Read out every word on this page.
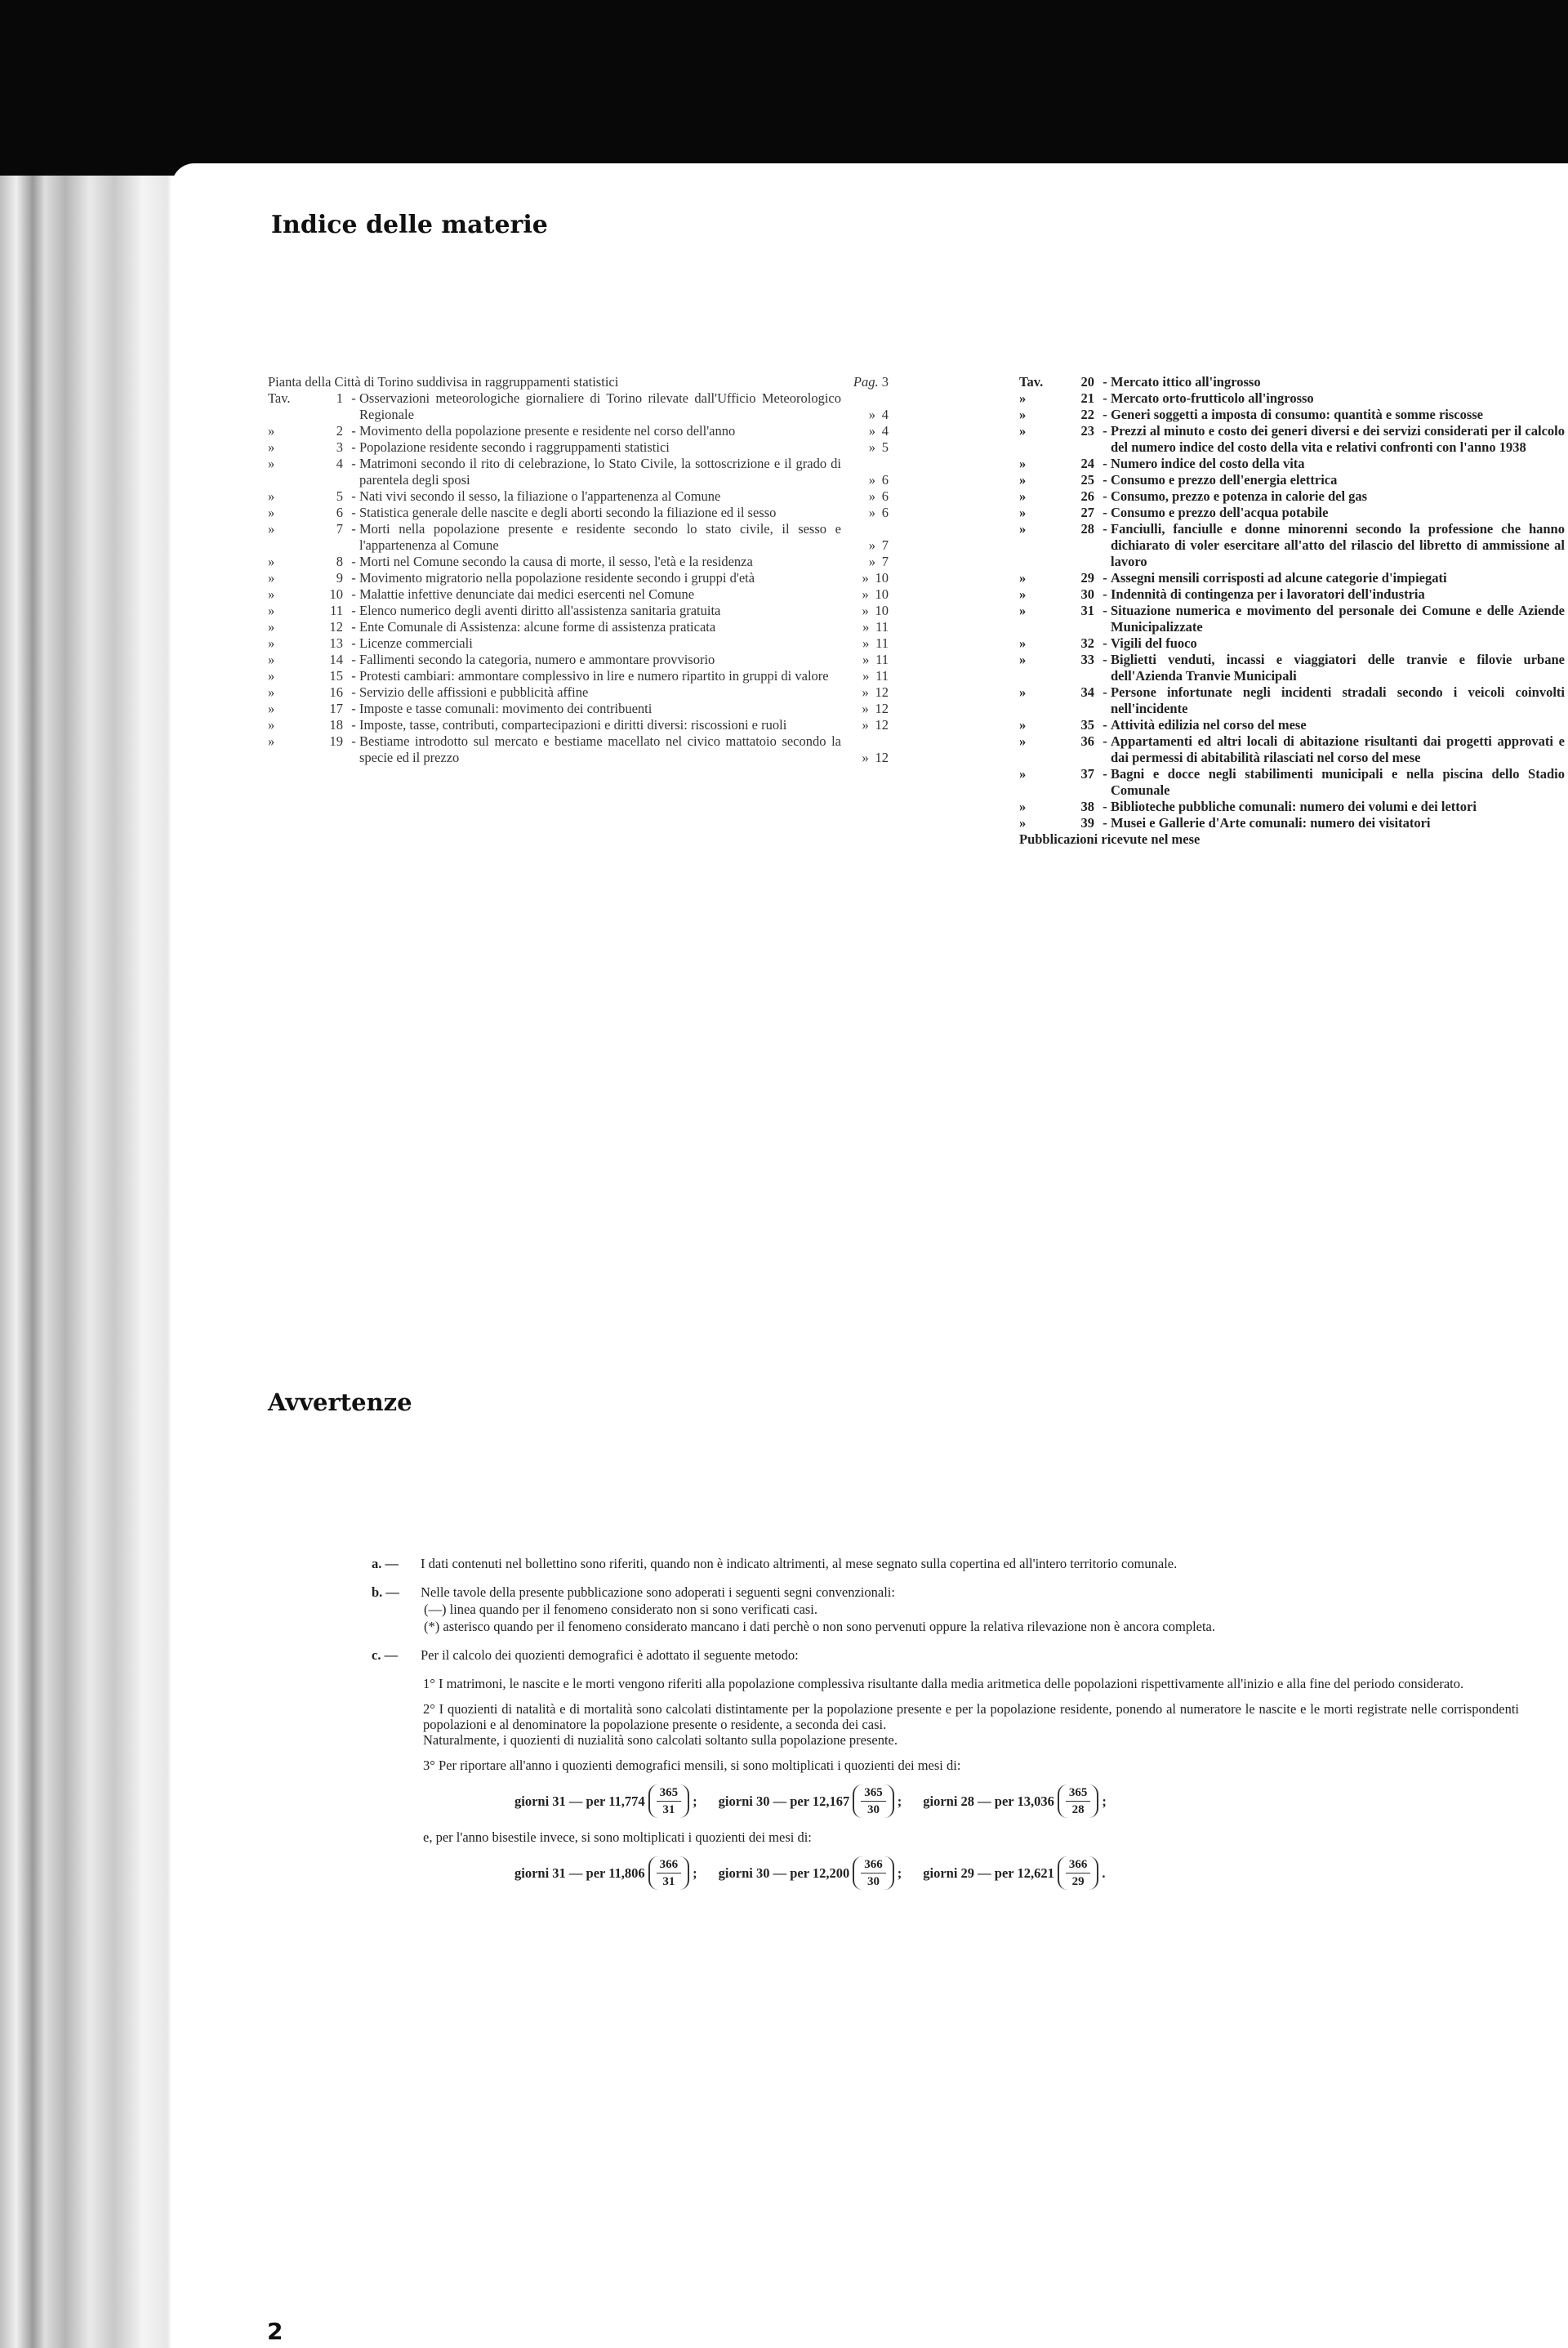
Indice delle materie
Pianta della Città di Torino suddivisa in raggruppamenti statistici	Pag. 3
Tav.	1 - Osservazioni meteorologiche giornaliere di Torino rilevate dall'Ufficio Meteorologico Regionale	» 4
»	2 - Movimento della popolazione presente e residente nel corso dell'anno	» 4
»	3 - Popolazione residente secondo i raggruppamenti statistici	» 5
»	4 - Matrimoni secondo il rito di celebrazione, lo Stato Civile, la sottoscrizione e il grado di parentela degli sposi	» 6
»	5 - Nati vivi secondo il sesso, la filiazione o l'appartenenza al Comune	» 6
»	6 - Statistica generale delle nascite e degli aborti secondo la filiazione ed il sesso	» 6
»	7 - Morti nella popolazione presente e residente secondo lo stato civile, il sesso e l'appartenenza al Comune	» 7
»	8 - Morti nel Comune secondo la causa di morte, il sesso, l'età e la residenza	» 7
»	9 - Movimento migratorio nella popolazione residente secondo i gruppi d'età	» 10
»	10 - Malattie infettive denunciate dai medici esercenti nel Comune	» 10
»	11 - Elenco numerico degli aventi diritto all'assistenza sanitaria gratuita	» 10
»	12 - Ente Comunale di Assistenza: alcune forme di assistenza praticata	» 11
»	13 - Licenze commerciali	» 11
»	14 - Fallimenti secondo la categoria, numero e ammontare provvisorio	» 11
»	15 - Protesti cambiari: ammontare complessivo in lire e numero ripartito in gruppi di valore	» 11
»	16 - Servizio delle affissioni e pubblicità affine	» 12
»	17 - Imposte e tasse comunali: movimento dei contribuenti	» 12
»	18 - Imposte, tasse, contributi, compartecipazioni e diritti diversi: riscossioni e ruoli	» 12
»	19 - Bestiame introdotto sul mercato e bestiame macellato nel civico mattatoio secondo la specie ed il prezzo	» 12
Tav.	20 - Mercato ittico all'ingrosso
»	21 - Mercato orto-frutticolo all'ingrosso
»	22 - Generi soggetti a imposta di consumo: quantità e somme riscosse
»	23 - Prezzi al minuto e costo dei generi diversi e dei servizi considerati per il calcolo del numero indice del costo della vita e relativi confronti con l'anno 1938
»	24 - Numero indice del costo della vita
»	25 - Consumo e prezzo dell'energia elettrica
»	26 - Consumo, prezzo e potenza in calorie del gas
»	27 - Consumo e prezzo dell'acqua potabile
»	28 - Fanciulli, fanciulle e donne minorenni secondo la professione che hanno dichiarato di voler esercitare all'atto del rilascio del libretto di ammissione al lavoro
»	29 - Assegni mensili corrisposti ad alcune categorie d'impiegati
»	30 - Indennità di contingenza per i lavoratori dell'industria
»	31 - Situazione numerica e movimento del personale dei Comune e delle Aziende Municipalizzate
»	32 - Vigili del fuoco
»	33 - Biglietti venduti, incassi e viaggiatori delle tranvie e filovie urbane dell'Azienda Tranvie Municipali
»	34 - Persone infortunate negli incidenti stradali secondo i veicoli coinvolti nell'incidente
»	35 - Attività edilizia nel corso del mese
»	36 - Appartamenti ed altri locali di abitazione risultanti dai progetti approvati e dai permessi di abitabilità rilasciati nel corso del mese
»	37 - Bagni e docce negli stabilimenti municipali e nella piscina dello Stadio Comunale
»	38 - Biblioteche pubbliche comunali: numero dei volumi e dei lettori
»	39 - Musei e Gallerie d'Arte comunali: numero dei visitatori
Pubblicazioni ricevute nel mese
Avvertenze
a. —	I dati contenuti nel bollettino sono riferiti, quando non è indicato altrimenti, al mese segnato sulla copertina ed all'intero territorio comunale.

b. —	Nelle tavole della presente pubblicazione sono adoperati i seguenti segni convenzionali:

(—) linea quando per il fenomeno considerato non si sono verificati casi.

(*) asterisco quando per il fenomeno considerato mancano i dati perchè o non sono pervenuti oppure la relativa rilevazione non è ancora completa.

c. —	Per il calcolo dei quozienti demografici è adottato il seguente metodo:

1° I matrimoni, le nascite e le morti vengono riferiti alla popolazione complessiva risultante dalla media aritmetica delle popolazioni rispettivamente all'inizio e alla fine del periodo considerato.

2° I quozienti di natalità e di mortalità sono calcolati distintamente per la popolazione presente e per la popolazione residente, ponendo al numeratore le nascite e le morti registrate nelle corrispondenti popolazioni e al denominatore la popolazione presente o residente, a seconda dei casi.

Naturalmente, i quozienti di nuzialità sono calcolati soltanto sulla popolazione presente.

3° Per riportare all'anno i quozienti demografici mensili, si sono moltiplicati i quozienti dei mesi di:

giorni 31 — per $11,774 \frac{365}{31}$ ; giorni 30 — per $12,167 \frac{365}{30}$ ; giorni 28 — per $13,036 \frac{365}{28}$ ;

e, per l'anno bisestile invece, si sono moltiplicati i quozienti dei mesi di:

giorni 31 — per $11,806 \frac{366}{31}$ ; giorni 30 — per $12,200 \frac{366}{30}$ ; giorni 29 — per $12,621 \frac{366}{29}$ .
2
